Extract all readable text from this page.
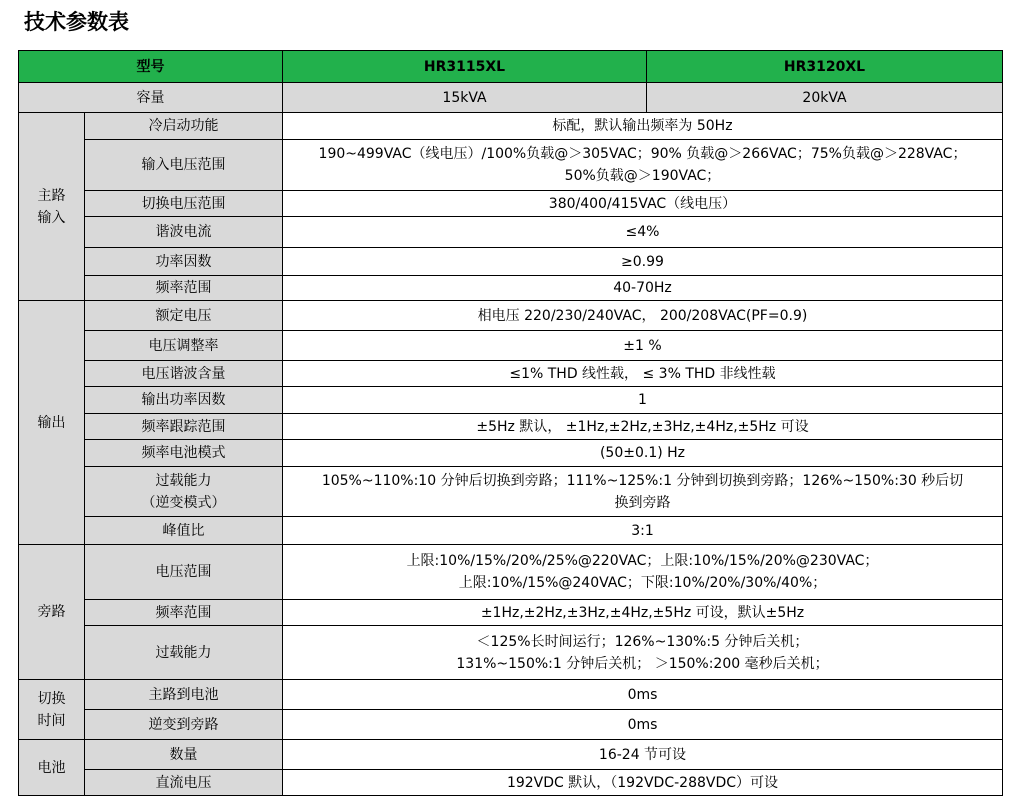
技术参数表
型号		HR3115XL	HR3120XL
容量		15kVA	20kVA

主路输入	冷启动功能	标配，默认输出频率为 50Hz	
	输入电压范围	190~499VAC（线电压）/100%负载@＞305VAC；90% 负载@＞266VAC；75%负载@＞228VAC；
50%负载@＞190VAC；	

	切换电压范围	380/400/415VAC（线电压）	
	谐波电流	≤4%	
	功率因数	≥0.99	
	频率范围	40-70Hz	
输出	额定电压	相电压 220/230/240VAC， 200/208VAC(PF=0.9)	
	电压调整率	±1 %	
	电压谐波含量	≤1% THD 线性载， ≤ 3% THD 非线性载	
	输出功率因数	1	
	频率跟踪范围	±5Hz 默认， ±1Hz,±2Hz,±3Hz,±4Hz,±5Hz 可设	
	频率电池模式	(50±0.1) Hz	

	过载能力
（逆变模式）	105%~110%:10 分钟后切换到旁路；111%~125%:1 分钟到切换到旁路；126%~150%:30 秒后切
换到旁路	

	峰值比	3:1	
旁路	电压范围	上限:10%/15%/20%/25%@220VAC；上限:10%/15%/20%@230VAC；
上限:10%/15%@240VAC；下限:10%/20%/30%/40%；	

	频率范围	±1Hz,±2Hz,±3Hz,±4Hz,±5Hz 可设，默认±5Hz	
	过载能力	＜125%长时间运行；126%~130%:5 分钟后关机；
131%~150%:1 分钟后关机； ＞150%:200 毫秒后关机；	

切换时间	主路到电池	0ms	
	逆变到旁路	0ms	
电池	数量	16-24 节可设	
	直流电压	192VDC 默认，（192VDC-288VDC）可设	
